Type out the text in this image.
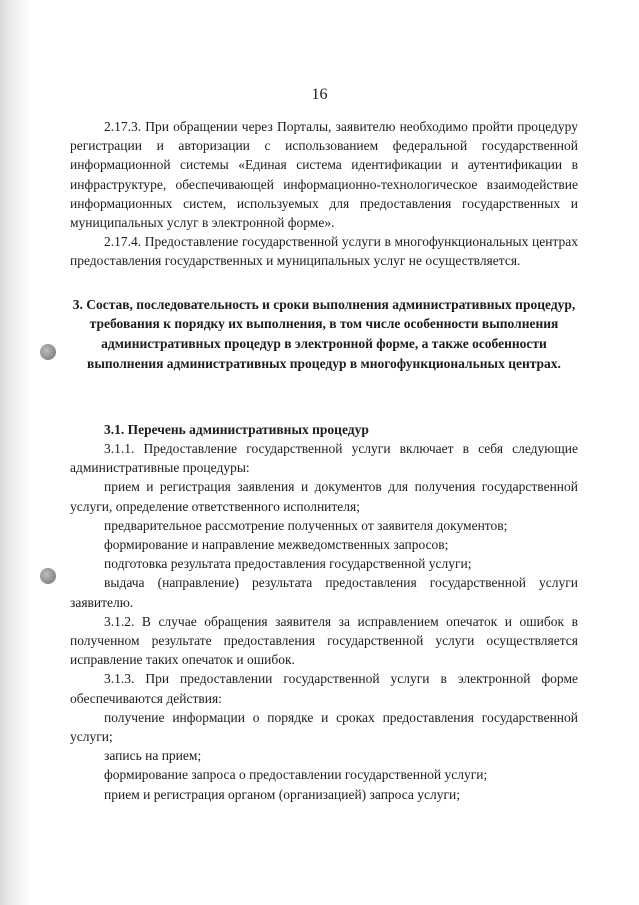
16

2.17.3. При обращении через Порталы, заявителю необходимо пройти процедуру регистрации и авторизации с использованием федеральной государственной информационной системы «Единая система идентификации и аутентификации в инфраструктуре, обеспечивающей информационно-технологическое взаимодействие информационных систем, используемых для предоставления государственных и муниципальных услуг в электронной форме».

2.17.4. Предоставление государственной услуги в многофункциональных центрах предоставления государственных и муниципальных услуг не осуществляется.

3. Состав, последовательность и сроки выполнения административных процедур, требования к порядку их выполнения, в том числе особенности выполнения административных процедур в электронной форме, а также особенности выполнения административных процедур в многофункциональных центрах.

3.1. Перечень административных процедур

3.1.1. Предоставление государственной услуги включает в себя следующие административные процедуры:

прием и регистрация заявления и документов для получения государственной услуги, определение ответственного исполнителя;

предварительное рассмотрение полученных от заявителя документов;

формирование и направление межведомственных запросов;

подготовка результата предоставления государственной услуги;

выдача (направление) результата предоставления государственной услуги заявителю.

3.1.2. В случае обращения заявителя за исправлением опечаток и ошибок в полученном результате предоставления государственной услуги осуществляется исправление таких опечаток и ошибок.

3.1.3. При предоставлении государственной услуги в электронной форме обеспечиваются действия:

получение информации о порядке и сроках предоставления государственной услуги;

запись на прием;

формирование запроса о предоставлении государственной услуги;

прием и регистрация органом (организацией) запроса услуги;
